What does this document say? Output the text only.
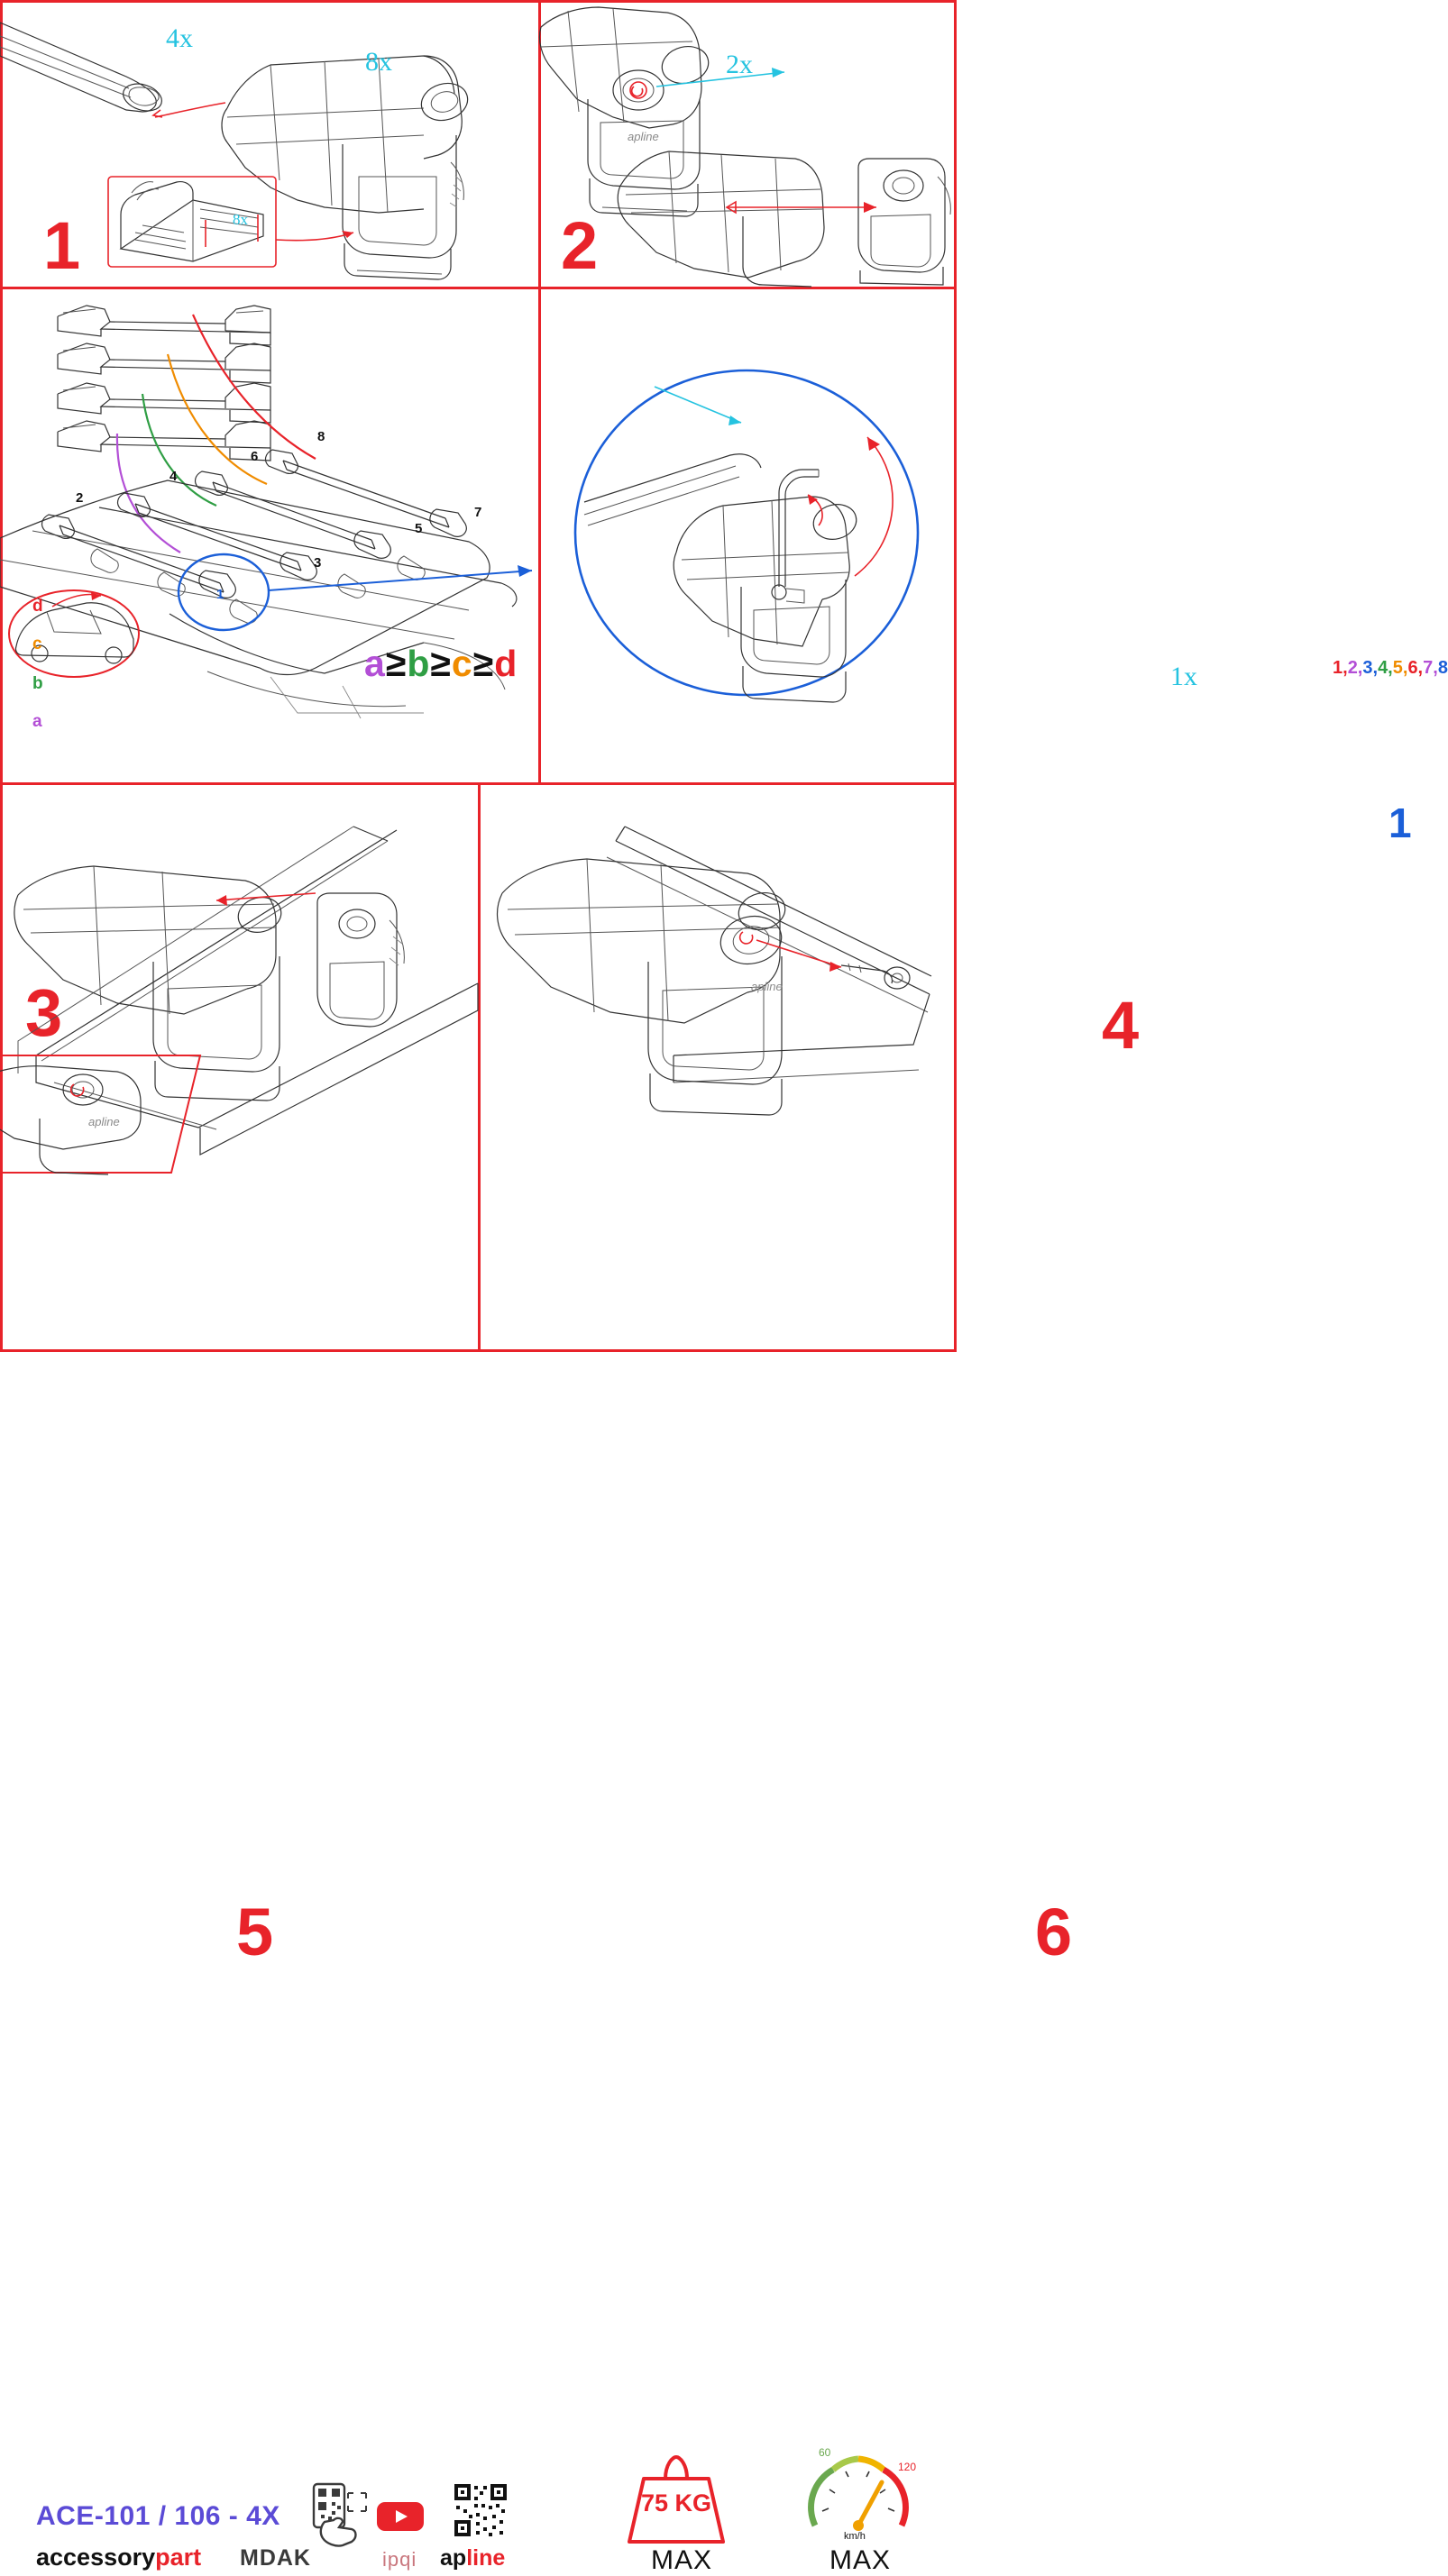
4x
8x
8x
1
apline
2x
2
2
4
6
8
3
5
7
1
d
c
b
a
a≥b≥c≥d
3
1x	1,2,3,4,5,6,7,8
1
4
apline
5
apline
6
ACE-101 / 106 - 4X
accessorypart MDAK	ipqi apline
75 KG
MAX
60
120
km/h
MAX
